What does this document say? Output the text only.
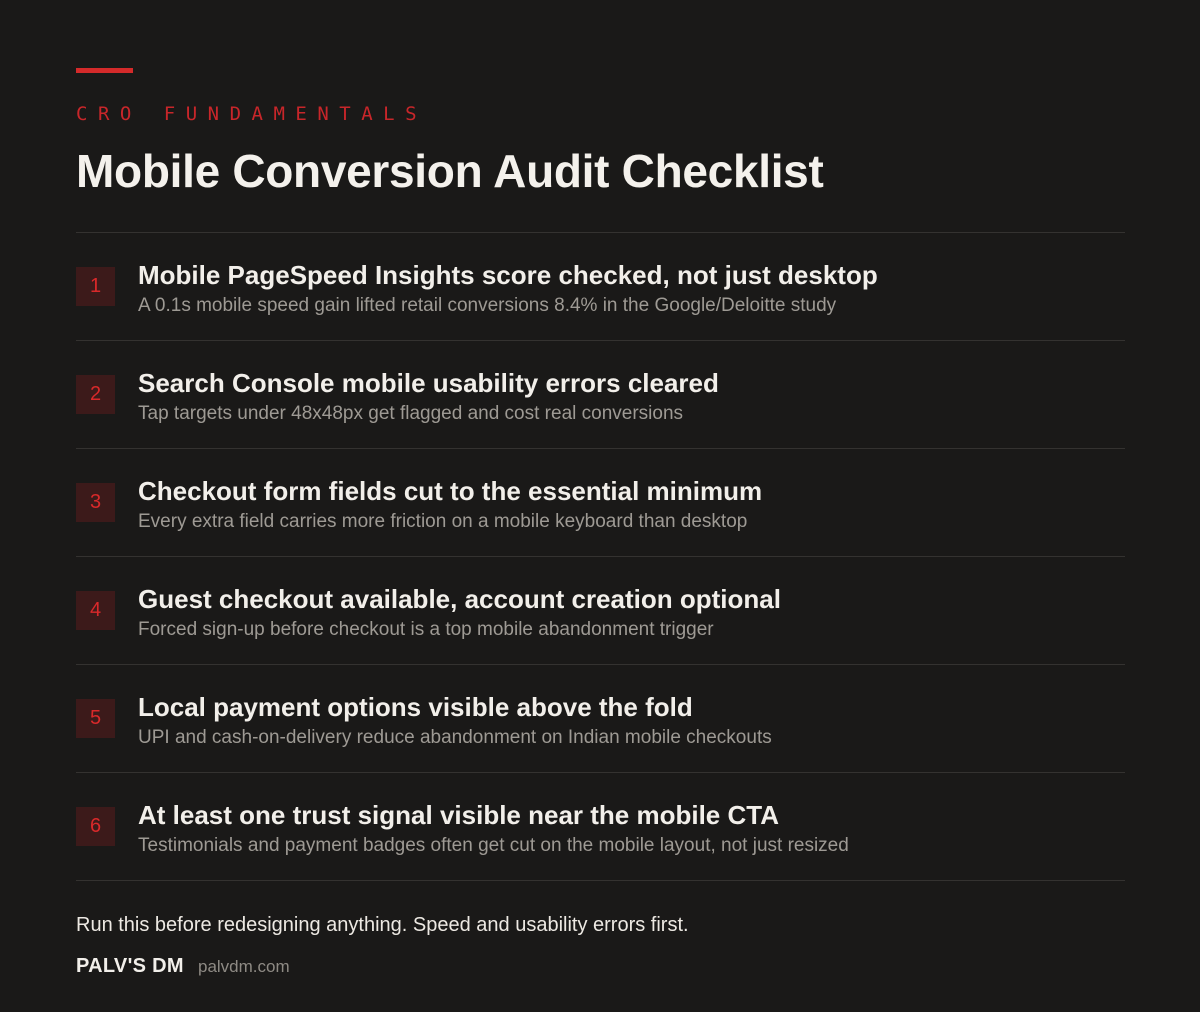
CRO FUNDAMENTALS
Mobile Conversion Audit Checklist
1	Mobile PageSpeed Insights score checked, not just desktop
A 0.1s mobile speed gain lifted retail conversions 8.4% in the Google/Deloitte study
2	Search Console mobile usability errors cleared
Tap targets under 48x48px get flagged and cost real conversions
3	Checkout form fields cut to the essential minimum
Every extra field carries more friction on a mobile keyboard than desktop
4	Guest checkout available, account creation optional
Forced sign-up before checkout is a top mobile abandonment trigger
5	Local payment options visible above the fold
UPI and cash-on-delivery reduce abandonment on Indian mobile checkouts
6	At least one trust signal visible near the mobile CTA
Testimonials and payment badges often get cut on the mobile layout, not just resized
Run this before redesigning anything. Speed and usability errors first.
PALV'S DM palvdm.com
